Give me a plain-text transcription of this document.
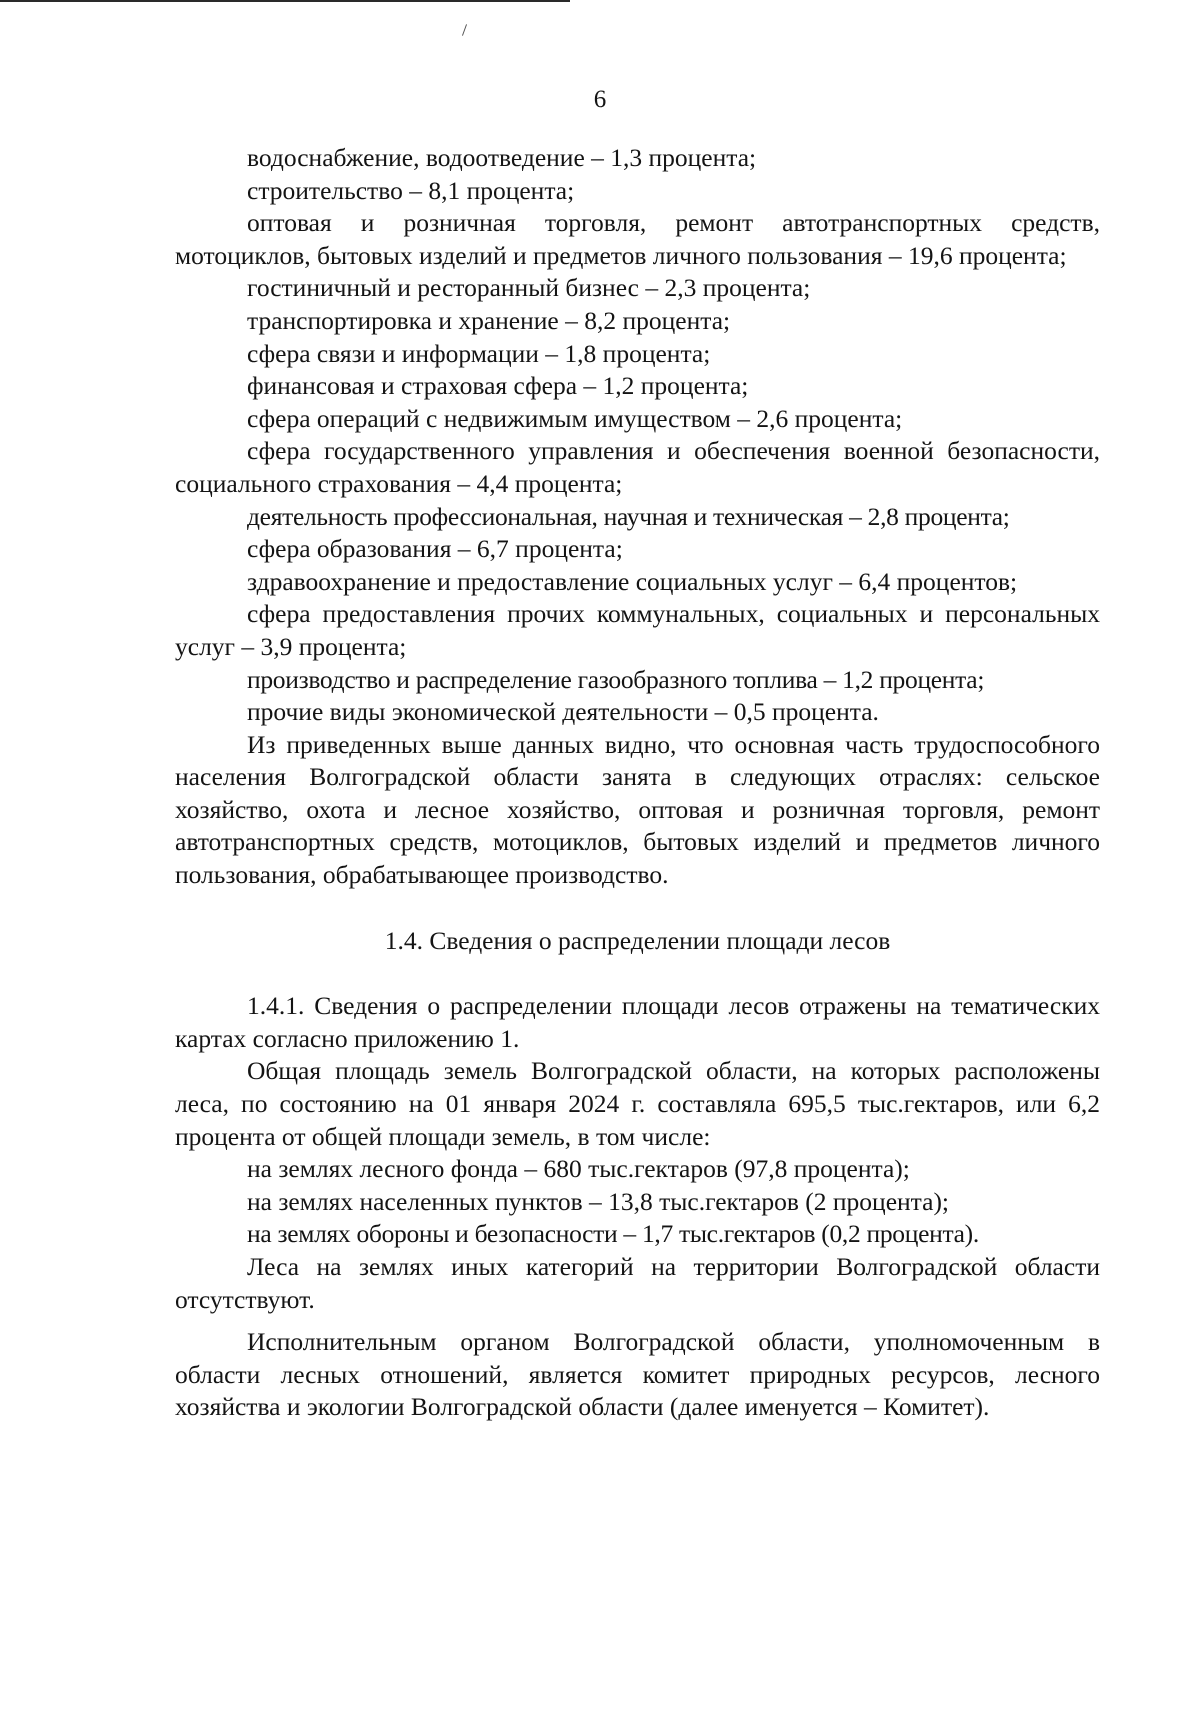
6

водоснабжение, водоотведение – 1,3 процента;

строительство – 8,1 процента;

оптовая и розничная торговля, ремонт автотранспортных средств, мотоциклов, бытовых изделий и предметов личного пользования – 19,6 процента;

гостиничный и ресторанный бизнес – 2,3 процента;

транспортировка и хранение – 8,2 процента;

сфера связи и информации – 1,8 процента;

финансовая и страховая сфера – 1,2 процента;

сфера операций с недвижимым имуществом – 2,6 процента;

сфера государственного управления и обеспечения военной безопасности, социального страхования – 4,4 процента;

деятельность профессиональная, научная и техническая – 2,8 процента;

сфера образования – 6,7 процента;

здравоохранение и предоставление социальных услуг – 6,4 процентов;

сфера предоставления прочих коммунальных, социальных и персональных услуг – 3,9 процента;

производство и распределение газообразного топлива – 1,2 процента;

прочие виды экономической деятельности – 0,5 процента.

Из приведенных выше данных видно, что основная часть трудоспособного населения Волгоградской области занята в следующих отраслях: сельское хозяйство, охота и лесное хозяйство, оптовая и розничная торговля, ремонт автотранспортных средств, мотоциклов, бытовых изделий и предметов личного пользования, обрабатывающее производство.

1.4. Сведения о распределении площади лесов

1.4.1. Сведения о распределении площади лесов отражены на тематических картах согласно приложению 1.

Общая площадь земель Волгоградской области, на которых расположены леса, по состоянию на 01 января 2024 г. составляла 695,5 тыс.гектаров, или 6,2 процента от общей площади земель, в том числе:

на землях лесного фонда – 680 тыс.гектаров (97,8 процента);

на землях населенных пунктов – 13,8 тыс.гектаров (2 процента);

на землях обороны и безопасности – 1,7 тыс.гектаров (0,2 процента).

Леса на землях иных категорий на территории Волгоградской области отсутствуют.

Исполнительным органом Волгоградской области, уполномоченным в области лесных отношений, является комитет природных ресурсов, лесного хозяйства и экологии Волгоградской области (далее именуется – Комитет).
